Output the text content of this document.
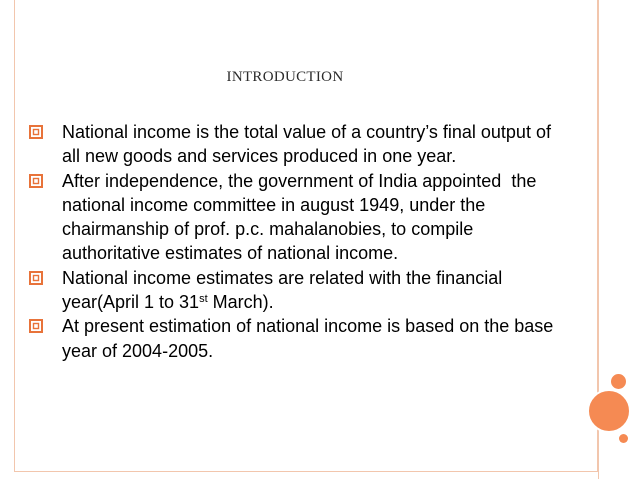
INTRODUCTION
National income is the total value of a country’s final output of all new goods and services produced in one year.
After independence, the government of India appointed  the national income committee in august 1949, under the chairmanship of prof. p.c. mahalanobies, to compile authoritative estimates of national income.
National income estimates are related with the financial year(April 1 to 31st March).
At present estimation of national income is based on the base year of 2004-2005.
